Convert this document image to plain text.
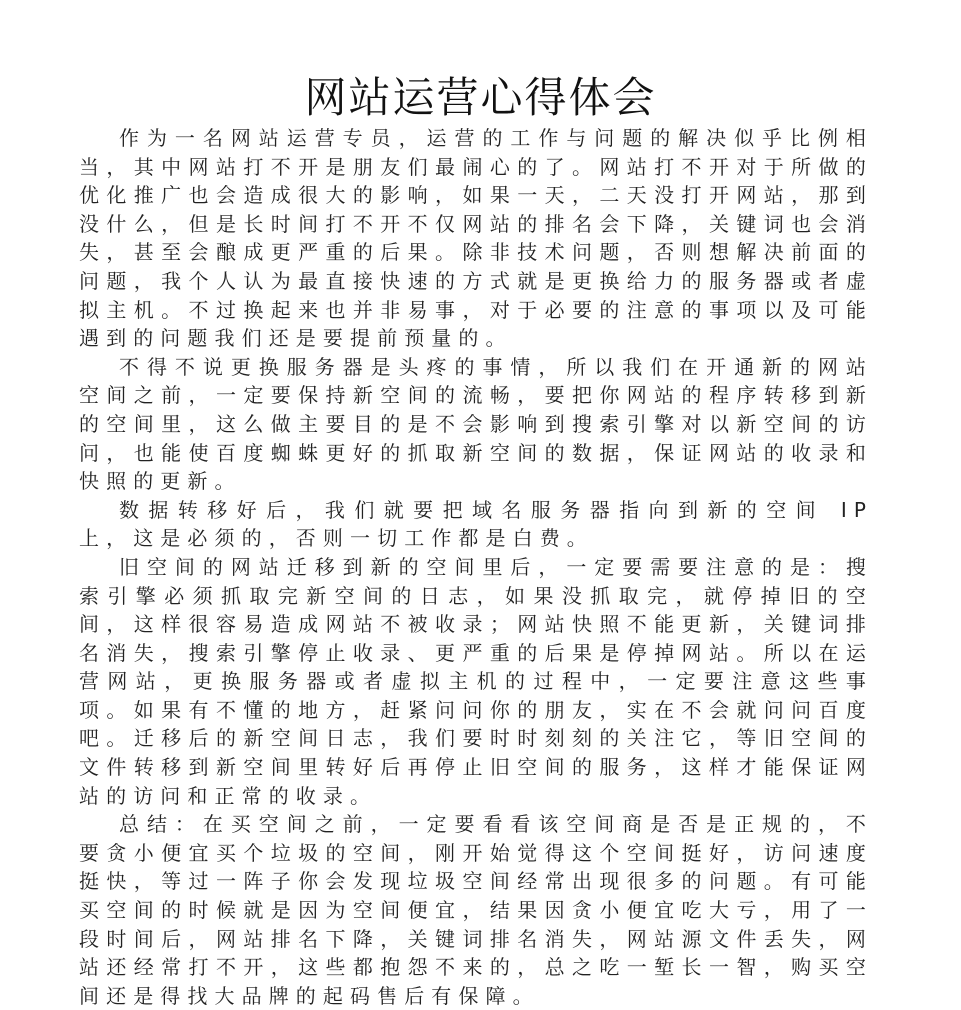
网站运营心得体会

作为一名网站运营专员，运营的工作与问题的解决似乎比例相当，其中网站打不开是朋友们最闹心的了。网站打不开对于所做的优化推广也会造成很大的影响，如果一天，二天没打开网站，那到没什么，但是长时间打不开不仅网站的排名会下降，关键词也会消失，甚至会酿成更严重的后果。除非技术问题，否则想解决前面的问题，我个人认为最直接快速的方式就是更换给力的服务器或者虚拟主机。不过换起来也并非易事，对于必要的注意的事项以及可能遇到的问题我们还是要提前预量的。

不得不说更换服务器是头疼的事情，所以我们在开通新的网站空间之前，一定要保持新空间的流畅，要把你网站的程序转移到新的空间里，这么做主要目的是不会影响到搜索引擎对以新空间的访问，也能使百度蜘蛛更好的抓取新空间的数据，保证网站的收录和快照的更新。

数据转移好后，我们就要把域名服务器指向到新的空间 IP 上，这是必须的，否则一切工作都是白费。

旧空间的网站迁移到新的空间里后，一定要需要注意的是：搜索引擎必须抓取完新空间的日志，如果没抓取完，就停掉旧的空间，这样很容易造成网站不被收录；网站快照不能更新，关键词排名消失，搜索引擎停止收录、更严重的后果是停掉网站。所以在运营网站，更换服务器或者虚拟主机的过程中，一定要注意这些事项。如果有不懂的地方，赶紧问问你的朋友，实在不会就问问百度吧。迁移后的新空间日志，我们要时时刻刻的关注它，等旧空间的文件转移到新空间里转好后再停止旧空间的服务，这样才能保证网站的访问和正常的收录。

总结：在买空间之前，一定要看看该空间商是否是正规的，不要贪小便宜买个垃圾的空间，刚开始觉得这个空间挺好，访问速度挺快，等过一阵子你会发现垃圾空间经常出现很多的问题。有可能买空间的时候就是因为空间便宜，结果因贪小便宜吃大亏，用了一段时间后，网站排名下降，关键词排名消失，网站源文件丢失，网站还经常打不开，这些都抱怨不来的，总之吃一堑长一智，购买空间还是得找大品牌的起码售后有保障。
